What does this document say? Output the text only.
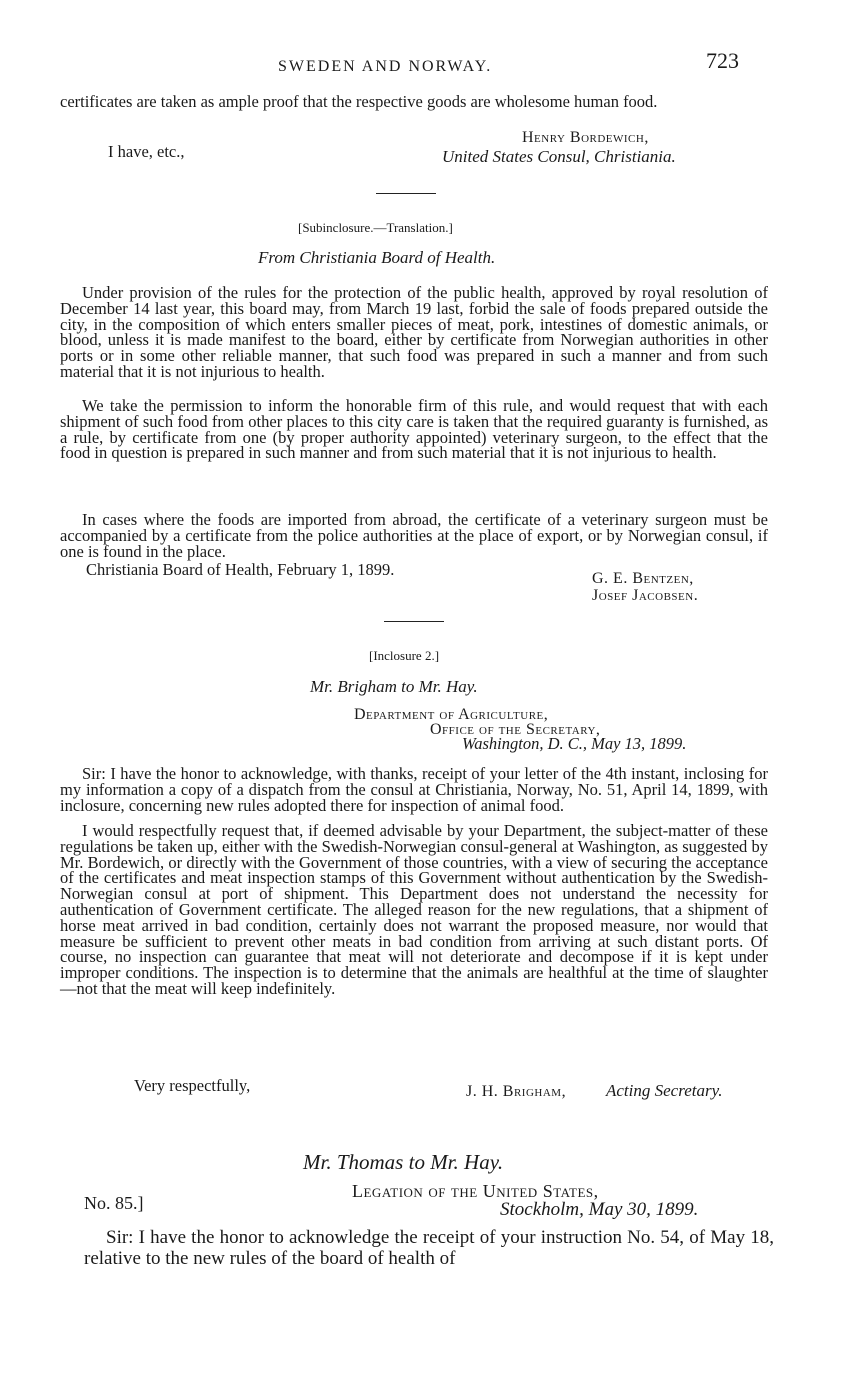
SWEDEN AND NORWAY.	723
certificates are taken as ample proof that the respective goods are wholesome human food.
I have, etc.,
Henry Bordewich,
United States Consul, Christiania.
[Subinclosure.—Translation.]
From Christiania Board of Health.
Under provision of the rules for the protection of the public health, approved by royal resolution of December 14 last year, this board may, from March 19 last, forbid the sale of foods prepared outside the city, in the composition of which enters smaller pieces of meat, pork, intestines of domestic animals, or blood, unless it is made manifest to the board, either by certificate from Norwegian authorities in other ports or in some other reliable manner, that such food was prepared in such a manner and from such material that it is not injurious to health.
We take the permission to inform the honorable firm of this rule, and would request that with each shipment of such food from other places to this city care is taken that the required guaranty is furnished, as a rule, by certificate from one (by proper authority appointed) veterinary surgeon, to the effect that the food in question is prepared in such manner and from such material that it is not injurious to health.
In cases where the foods are imported from abroad, the certificate of a veterinary surgeon must be accompanied by a certificate from the police authorities at the place of export, or by Norwegian consul, if one is found in the place.
Christiania Board of Health, February 1, 1899.	G. E. Bentzen,
Josef Jacobsen.
[Inclosure 2.]
Mr. Brigham to Mr. Hay.
Department of Agriculture,
Office of the Secretary,
Washington, D. C., May 13, 1899.
Sir: I have the honor to acknowledge, with thanks, receipt of your letter of the 4th instant, inclosing for my information a copy of a dispatch from the consul at Christiania, Norway, No. 51, April 14, 1899, with inclosure, concerning new rules adopted there for inspection of animal food.
I would respectfully request that, if deemed advisable by your Department, the subject-matter of these regulations be taken up, either with the Swedish-Norwegian consul-general at Washington, as suggested by Mr. Bordewich, or directly with the Government of those countries, with a view of securing the acceptance of the certificates and meat inspection stamps of this Government without authentication by the Swedish-Norwegian consul at port of shipment. This Department does not understand the necessity for authentication of Government certificate. The alleged reason for the new regulations, that a shipment of horse meat arrived in bad condition, certainly does not warrant the proposed measure, nor would that measure be sufficient to prevent other meats in bad condition from arriving at such distant ports. Of course, no inspection can guarantee that meat will not deteriorate and decompose if it is kept under improper conditions. The inspection is to determine that the animals are healthful at the time of slaughter—not that the meat will keep indefinitely.
Very respectfully,	J. H. Brigham, Acting Secretary.
Mr. Thomas to Mr. Hay.
No. 85.]
Legation of the United States,
Stockholm, May 30, 1899.
Sir: I have the honor to acknowledge the receipt of your instruction No. 54, of May 18, relative to the new rules of the board of health of
